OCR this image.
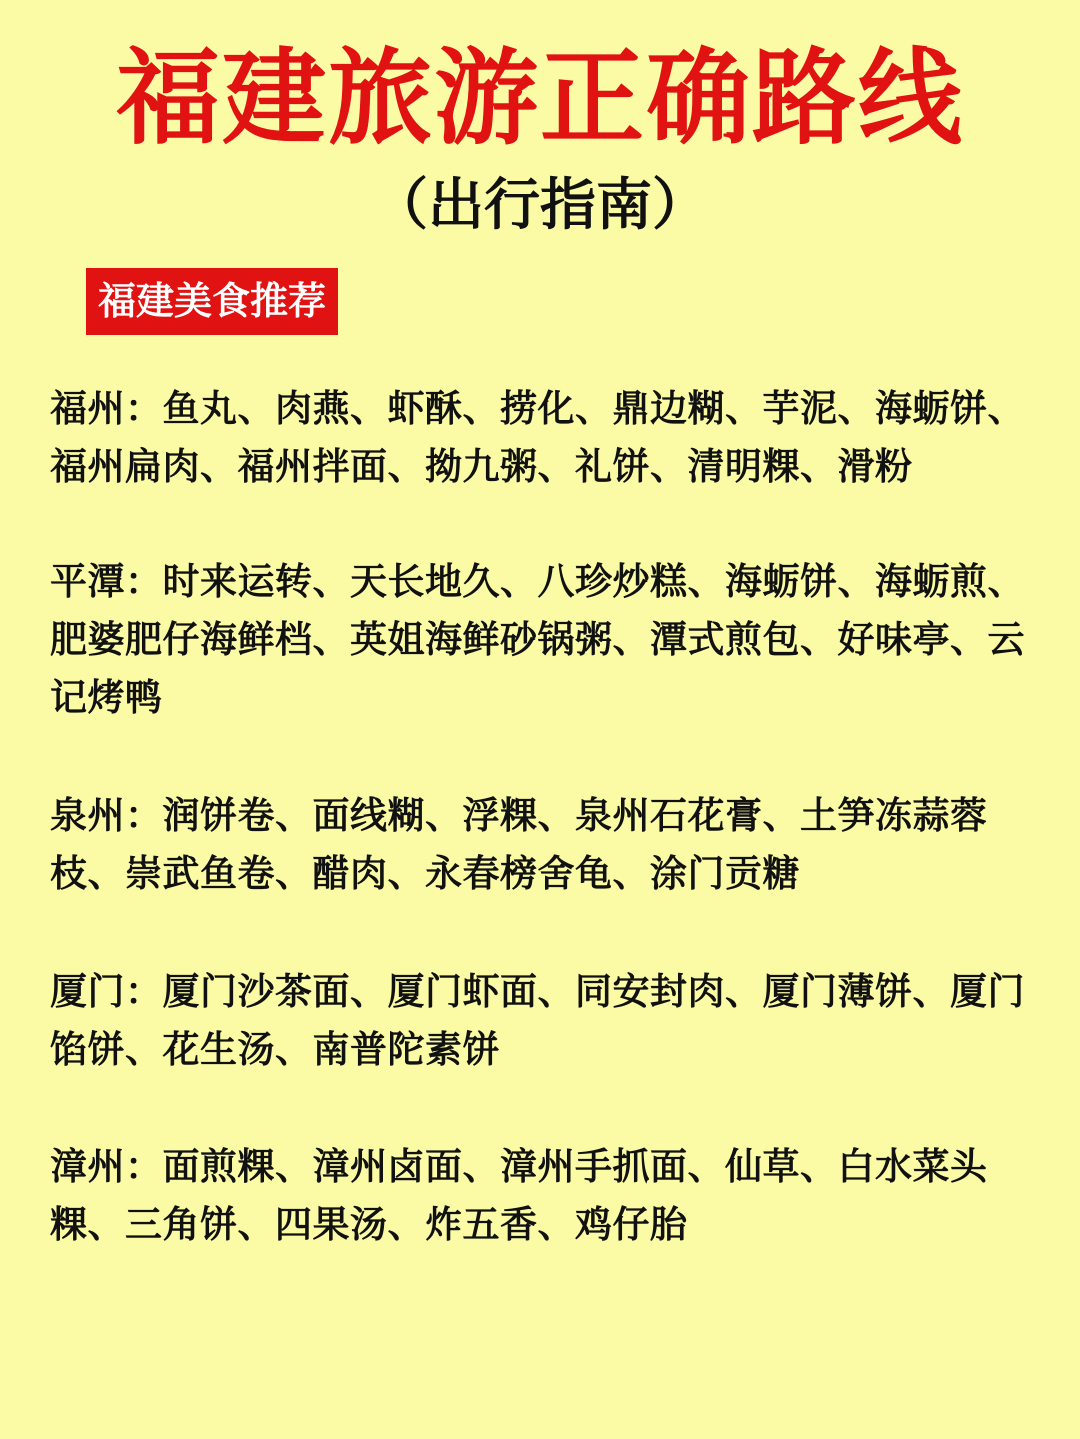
福建旅游正确路线
（出行指南）
福建美食推荐

福州：鱼丸、肉燕、虾酥、捞化、鼎边糊、芋泥、海蛎饼、福州扁肉、福州拌面、拗九粥、礼饼、清明粿、滑粉

平潭：时来运转、天长地久、八珍炒糕、海蛎饼、海蛎煎、肥婆肥仔海鲜档、英姐海鲜砂锅粥、潭式煎包、好味亭、云记烤鸭

泉州：润饼卷、面线糊、浮粿、泉州石花膏、土笋冻蒜蓉枝、崇武鱼卷、醋肉、永春榜舍龟、涂门贡糖

厦门：厦门沙茶面、厦门虾面、同安封肉、厦门薄饼、厦门馅饼、花生汤、南普陀素饼

漳州：面煎粿、漳州卤面、漳州手抓面、仙草、白水菜头粿、三角饼、四果汤、炸五香、鸡仔胎
